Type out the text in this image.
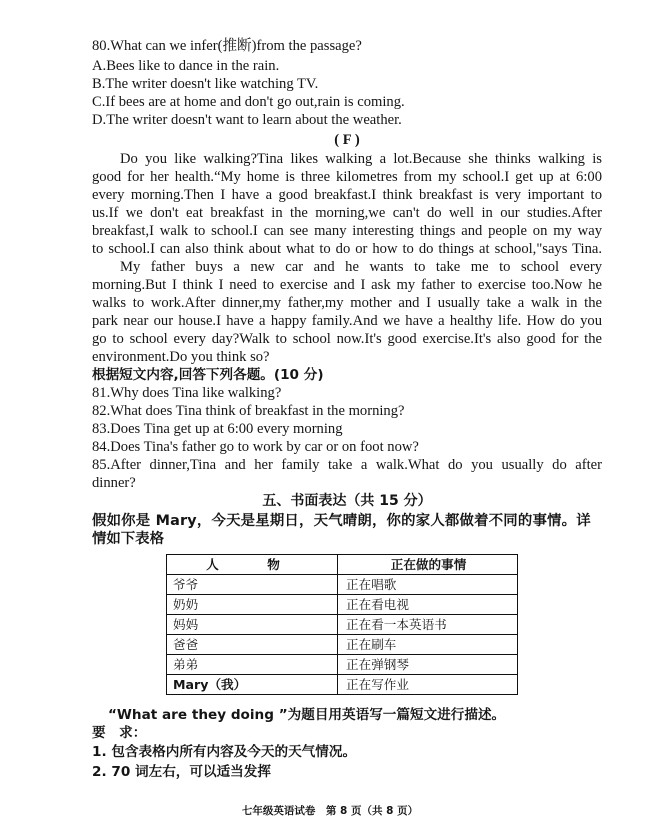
80.What can we infer(推断)from the passage?
A.Bees like to dance in the rain.
B.The writer doesn't like watching TV.
C.If bees are at home and don't go out,rain is coming.
D.The writer doesn't want to learn about the weather.
( F )
Do you like walking?Tina likes walking a lot.Because she thinks walking is
good for her health.“My home is three kilometres from my school.I get up at 6:00
every morning.Then I have a good breakfast.I think breakfast is very important to
us.If we don't eat breakfast in the morning,we can't do well in our studies.After
breakfast,I walk to school.I can see many interesting things and people on my way
to school.I can also think about what to do or how to do things at school,"says Tina.
My father buys a new car and he wants to take me to school every
morning.But I think I need to exercise and I ask my father to exercise too.Now he
walks to work.After dinner,my father,my mother and I usually take a walk in the
park near our house.I have a happy family.And we have a healthy life. How do you
go to school every day?Walk to school now.It's good exercise.It's also good for the
environment.Do you think so?
根据短文内容,回答下列各题。(10 分)
81.Why does Tina like walking?
82.What does Tina think of breakfast in the morning?
83.Does Tina get up at 6:00 every morning
84.Does Tina's father go to work by car or on foot now?
85.After dinner,Tina and her family take a walk.What do you usually do after
dinner?
五、书面表达（共 15 分）
假如你是 Mary，今天是星期日，天气晴朗，你的家人都做着不同的事情。详
情如下表格
人　物	正在做的事情
爷爷	正在唱歌
奶奶	正在看电视
妈妈	正在看一本英语书
爸爸	正在刷车
弟弟	正在弹钢琴
Mary（我）	正在写作业
“What are they doing ”为题目用英语写一篇短文进行描述。
要　求：
1. 包含表格内所有内容及今天的天气情况。
2. 70 词左右，可以适当发挥
七年级英语试卷　第 8 页（共 8 页）
